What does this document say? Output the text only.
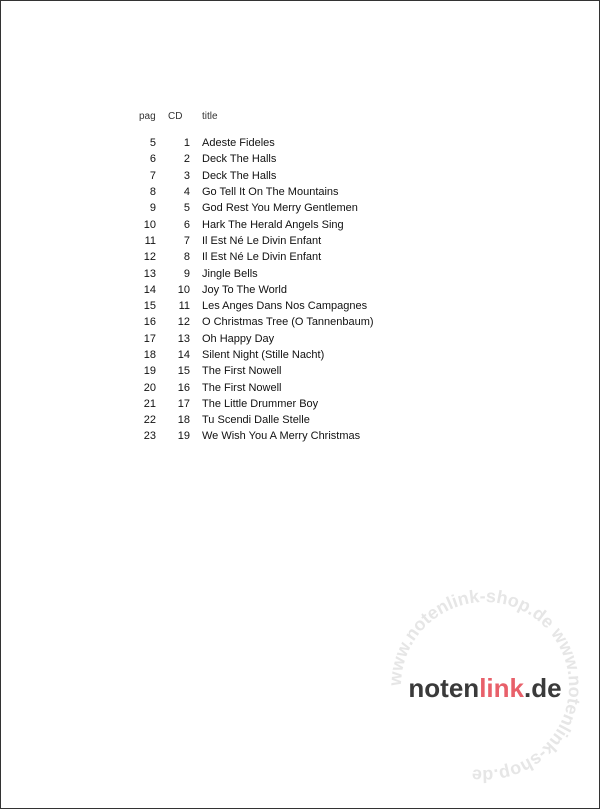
pag	CD	title

5	1	Adeste Fideles
6	2	Deck The Halls
7	3	Deck The Halls
8	4	Go Tell It On The Mountains
9	5	God Rest You Merry Gentlemen
10	6	Hark The Herald Angels Sing
11	7	Il Est Né Le Divin Enfant
12	8	Il Est Né Le Divin Enfant
13	9	Jingle Bells
14	10	Joy To The World
15	11	Les Anges Dans Nos Campagnes
16	12	O Christmas Tree (O Tannenbaum)
17	13	Oh Happy Day
18	14	Silent Night (Stille Nacht)
19	15	The First Nowell
20	16	The First Nowell
21	17	The Little Drummer Boy
22	18	Tu Scendi Dalle Stelle
23	19	We Wish You A Merry Christmas
www.notenlink-shop.de www.notenlink-shop.de
notenlink.de
